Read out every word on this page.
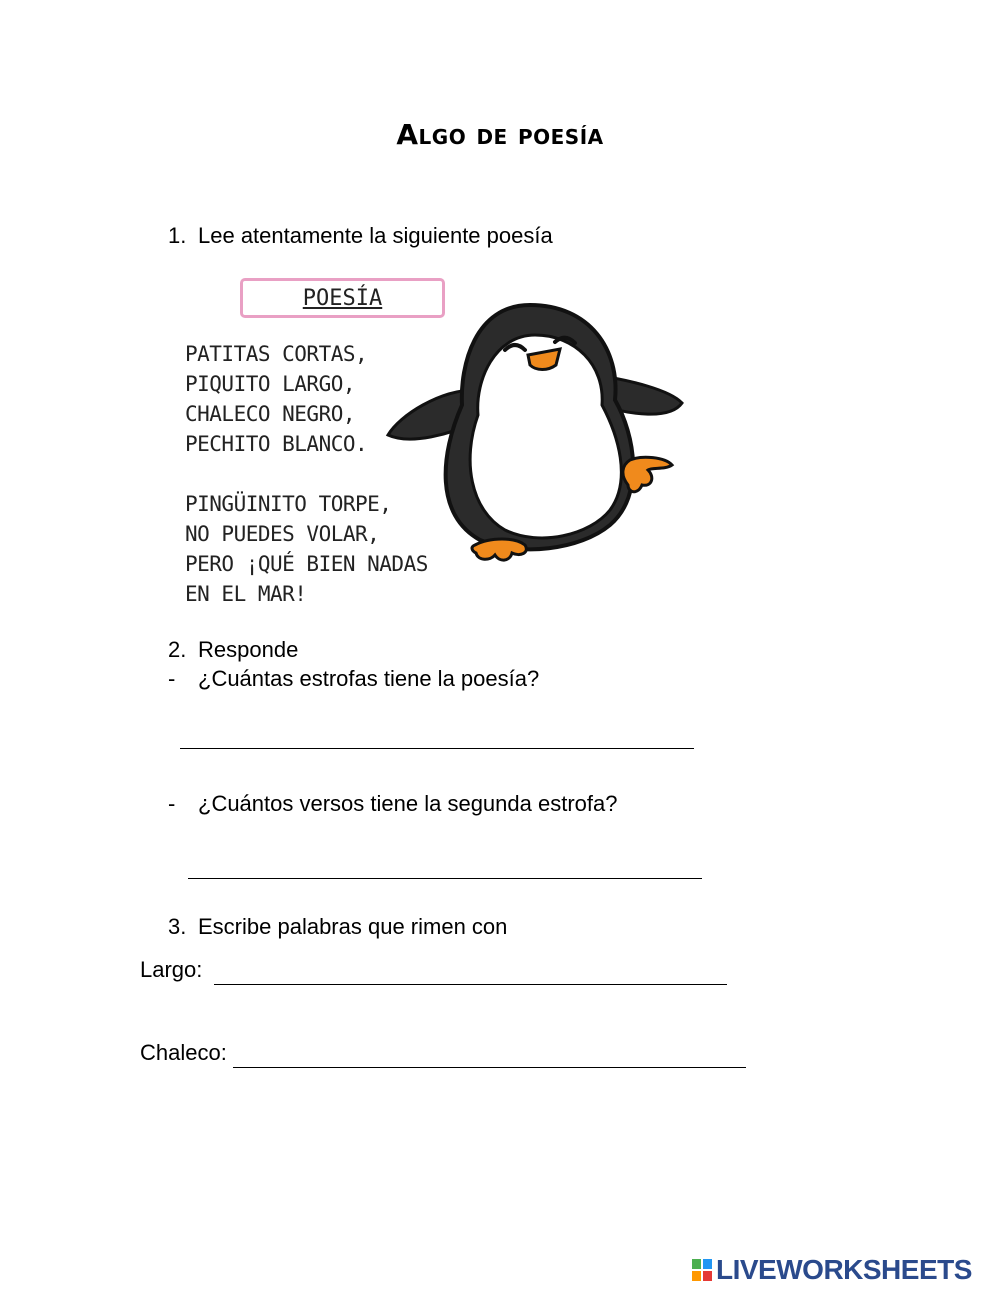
Algo de poesía
1. Lee atentamente la siguiente poesía
POESÍA
PATITAS CORTAS,
PIQUITO LARGO,
CHALECO NEGRO,
PECHITO BLANCO.
PINGÜINITO TORPE,
NO PUEDES VOLAR,
PERO ¡QUÉ BIEN NADAS
EN EL MAR!
2. Responde
- ¿Cuántas estrofas tiene la poesía?
- ¿Cuántos versos tiene la segunda estrofa?
3. Escribe palabras que rimen con
Largo:
Chaleco:
LIVEWORKSHEETS
